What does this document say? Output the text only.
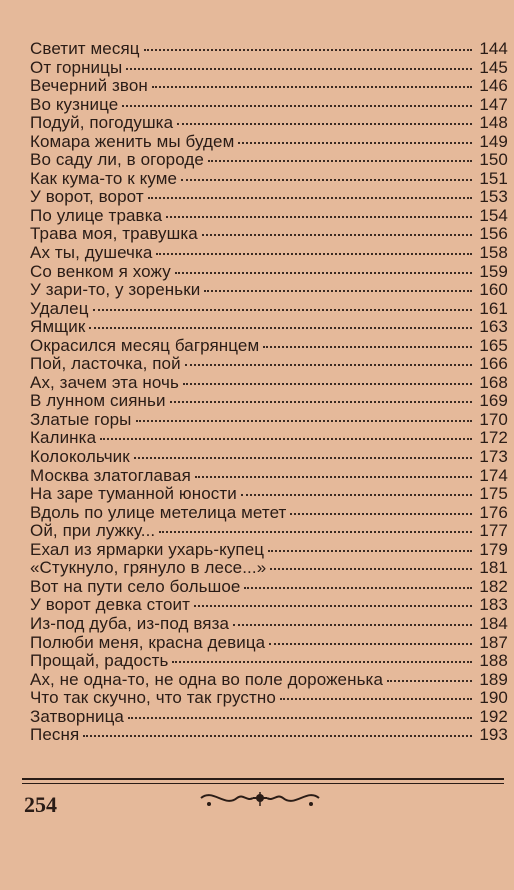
Светит месяц	144
От горницы	145
Вечерний звон	146
Во кузнице	147
Подуй, погодушка	148
Комара женить мы будем	149
Во саду ли, в огороде	150
Как кума-то к куме	151
У ворот, ворот	153
По улице травка	154
Трава моя, травушка	156
Ах ты, душечка	158
Со венком я хожу	159
У зари-то, у зореньки	160
Удалец	161
Ямщик	163
Окрасился месяц багрянцем	165
Пой, ласточка, пой	166
Ах, зачем эта ночь	168
В лунном сияньи	169
Златые горы	170
Калинка	172
Колокольчик	173
Москва златоглавая	174
На заре туманной юности	175
Вдоль по улице метелица метет	176
Ой, при лужку...	177
Ехал из ярмарки ухарь-купец	179
«Стукнуло, грянуло в лесе...»	181
Вот на пути село большое	182
У ворот девка стоит	183
Из-под дуба, из-под вяза	184
Полюби меня, красна девица	187
Прощай, радость	188
Ах, не одна-то, не одна во поле дороженька	189
Что так скучно, что так грустно	190
Затворница	192
Песня	193
254
